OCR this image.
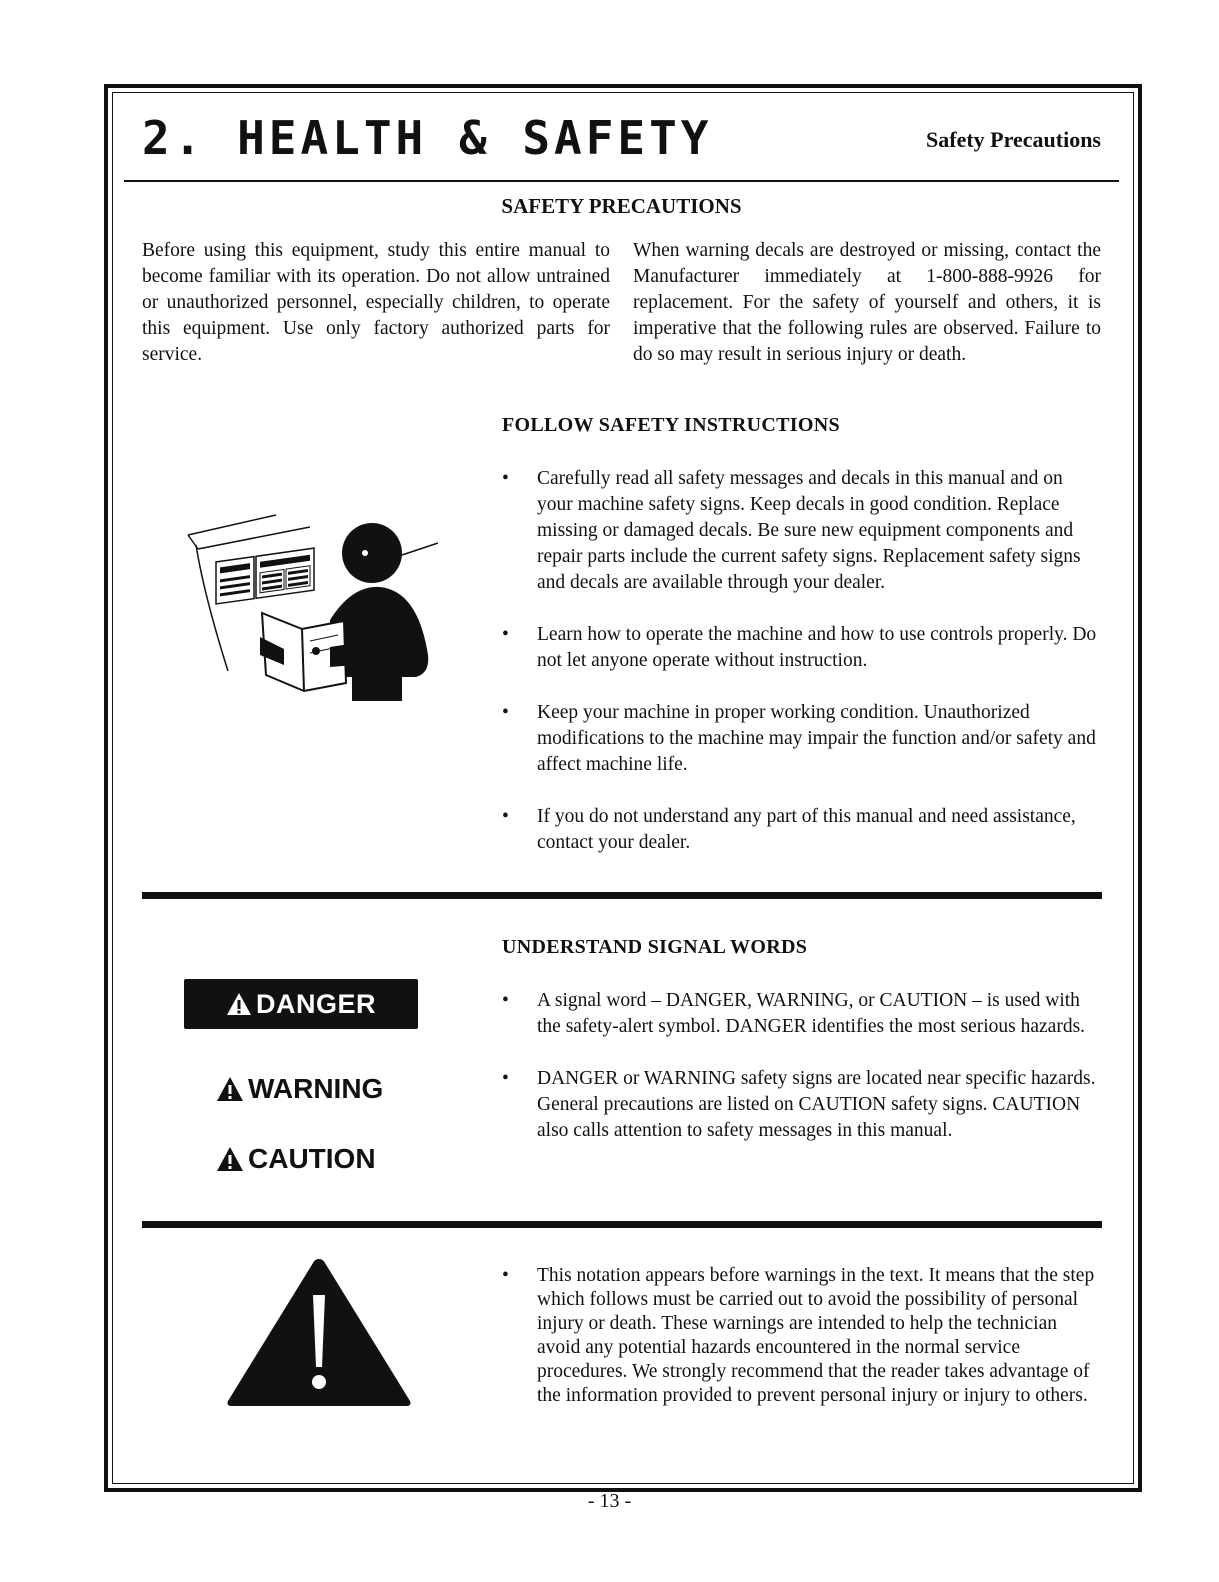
2. HEALTH & SAFETY	Safety Precautions
SAFETY PRECAUTIONS

Before using this equipment, study this entire manual to become familiar with its operation. Do not allow untrained or unauthorized personnel, especially children, to operate this equipment. Use only factory authorized parts for service.

When warning decals are destroyed or missing, contact the Manufacturer immediately at 1-800-888-9926 for replacement. For the safety of yourself and others, it is imperative that the following rules are observed. Failure to do so may result in serious injury or death.

FOLLOW SAFETY INSTRUCTIONS
• Carefully read all safety messages and decals in this manual and on your machine safety signs. Keep decals in good condition. Replace missing or damaged decals. Be sure new equipment components and repair parts include the current safety signs. Replacement safety signs and decals are available through your dealer.
• Learn how to operate the machine and how to use controls properly. Do not let anyone operate without instruction.
• Keep your machine in proper working condition. Unauthorized modifications to the machine may impair the function and/or safety and affect machine life.
• If you do not understand any part of this manual and need assistance, contact your dealer.
UNDERSTAND SIGNAL WORDS
DANGER
WARNING
CAUTION
• A signal word – DANGER, WARNING, or CAUTION – is used with the safety-alert symbol. DANGER identifies the most serious hazards.
• DANGER or WARNING safety signs are located near specific hazards. General precautions are listed on CAUTION safety signs. CAUTION also calls attention to safety messages in this manual.
• This notation appears before warnings in the text. It means that the step which follows must be carried out to avoid the possibility of personal injury or death. These warnings are intended to help the technician avoid any potential hazards encountered in the normal service procedures. We strongly recommend that the reader takes advantage of the information provided to prevent personal injury or injury to others.
- 13 -
